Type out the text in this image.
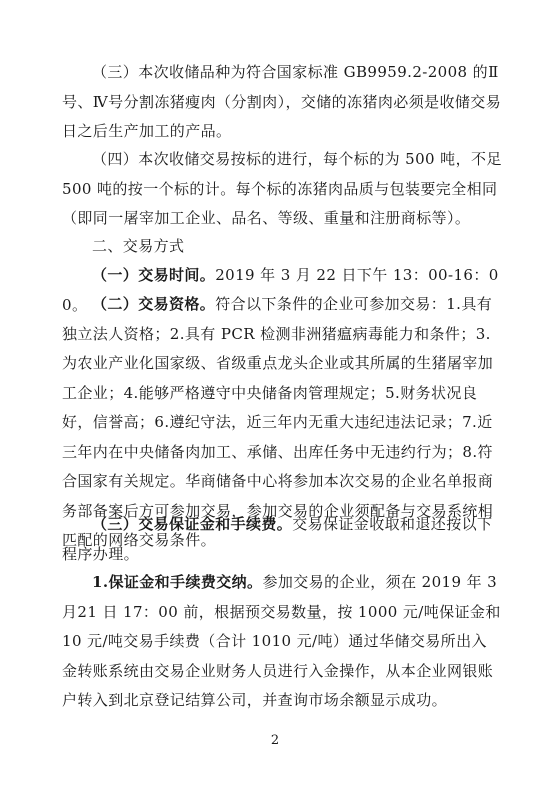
（三）本次收储品种为符合国家标准 GB9959.2-2008 的Ⅱ号、Ⅳ号分割冻猪瘦肉（分割肉），交储的冻猪肉必须是收储交易日之后生产加工的产品。

（四）本次收储交易按标的进行，每个标的为 500 吨，不足500 吨的按一个标的计。每个标的冻猪肉品质与包装要完全相同（即同一屠宰加工企业、品名、等级、重量和注册商标等）。

二、交易方式

（一）交易时间。2019 年 3 月 22 日下午 13：00-16：00。 （二）交易资格。符合以下条件的企业可参加交易：1.具有独立法人资格；2.具有 PCR 检测非洲猪瘟病毒能力和条件；3.为农业产业化国家级、省级重点龙头企业或其所属的生猪屠宰加工企业；4.能够严格遵守中央储备肉管理规定；5.财务状况良好，信誉高；6.遵纪守法，近三年内无重大违纪违法记录；7.近三年内在中央储备肉加工、承储、出库任务中无违约行为；8.符合国家有关规定。华商储备中心将参加本次交易的企业名单报商务部备案后方可参加交易，参加交易的企业须配备与交易系统相匹配的网络交易条件。

（三）交易保证金和手续费。交易保证金收取和退还按以下程序办理。

1.保证金和手续费交纳。参加交易的企业，须在 2019 年 3 月21 日 17：00 前，根据预交易数量，按 1000 元/吨保证金和 10 元/吨交易手续费（合计 1010 元/吨）通过华储交易所出入金转账系统由交易企业财务人员进行入金操作，从本企业网银账户转入到北京登记结算公司，并查询市场余额显示成功。

2
